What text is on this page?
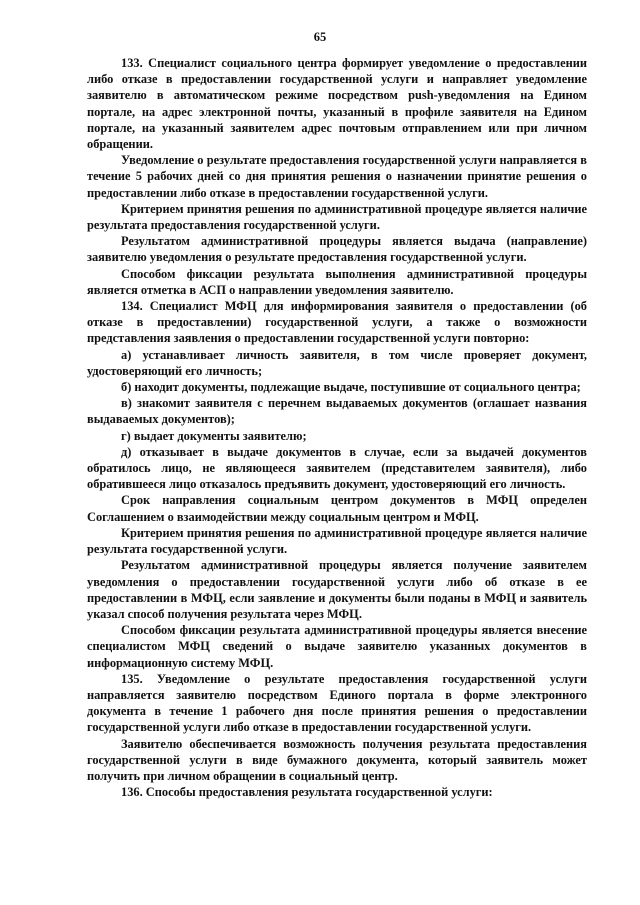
65

133. Специалист социального центра формирует уведомление о предоставлении либо отказе в предоставлении государственной услуги и направляет уведомление заявителю в автоматическом режиме посредством push-уведомления на Едином портале, на адрес электронной почты, указанный в профиле заявителя на Едином портале, на указанный заявителем адрес почтовым отправлением или при личном обращении.

Уведомление о результате предоставления государственной услуги направляется в течение 5 рабочих дней со дня принятия решения о назначении принятие решения о предоставлении либо отказе в предоставлении государственной услуги.

Критерием принятия решения по административной процедуре является наличие результата предоставления государственной услуги.

Результатом административной процедуры является выдача (направление) заявителю уведомления о результате предоставления государственной услуги.

Способом фиксации результата выполнения административной процедуры является отметка в АСП о направлении уведомления заявителю.

134. Специалист МФЦ для информирования заявителя о предоставлении (об отказе в предоставлении) государственной услуги, а также о возможности представления заявления о предоставлении государственной услуги повторно:

а) устанавливает личность заявителя, в том числе проверяет документ, удостоверяющий его личность;

б) находит документы, подлежащие выдаче, поступившие от социального центра;

в) знакомит заявителя с перечнем выдаваемых документов (оглашает названия выдаваемых документов);

г) выдает документы заявителю;

д) отказывает в выдаче документов в случае, если за выдачей документов обратилось лицо, не являющееся заявителем (представителем заявителя), либо обратившееся лицо отказалось предъявить документ, удостоверяющий его личность.

Срок направления социальным центром документов в МФЦ определен Соглашением о взаимодействии между социальным центром и МФЦ.

Критерием принятия решения по административной процедуре является наличие результата государственной услуги.

Результатом административной процедуры является получение заявителем уведомления о предоставлении государственной услуги либо об отказе в ее предоставлении в МФЦ, если заявление и документы были поданы в МФЦ и заявитель указал способ получения результата через МФЦ.

Способом фиксации результата административной процедуры является внесение специалистом МФЦ сведений о выдаче заявителю указанных документов в информационную систему МФЦ.

135. Уведомление о результате предоставления государственной услуги направляется заявителю посредством Единого портала в форме электронного документа в течение 1 рабочего дня после принятия решения о предоставлении государственной услуги либо отказе в предоставлении государственной услуги.

Заявителю обеспечивается возможность получения результата предоставления государственной услуги в виде бумажного документа, который заявитель может получить при личном обращении в социальный центр.

136. Способы предоставления результата государственной услуги:
